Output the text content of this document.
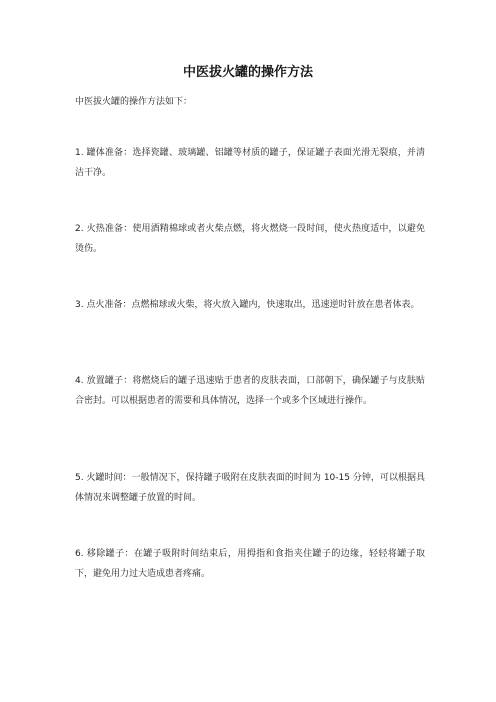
中医拔火罐的操作方法
中医拔火罐的操作方法如下：
1. 罐体准备：选择瓷罐、玻璃罐、铝罐等材质的罐子，保证罐子表面光滑无裂痕，并清洁干净。
2. 火热准备：使用酒精棉球或者火柴点燃，将火燃烧一段时间，使火热度适中，以避免烫伤。
3. 点火准备：点燃棉球或火柴，将火放入罐内，快速取出，迅速逆时针放在患者体表。
4. 放置罐子：将燃烧后的罐子迅速贴于患者的皮肤表面，口部朝下，确保罐子与皮肤贴合密封。可以根据患者的需要和具体情况，选择一个或多个区域进行操作。
5. 火罐时间：一般情况下，保持罐子吸附在皮肤表面的时间为 10-15 分钟，可以根据具体情况来调整罐子放置的时间。
6. 移除罐子：在罐子吸附时间结束后，用拇指和食指夹住罐子的边缘，轻轻将罐子取下，避免用力过大造成患者疼痛。
